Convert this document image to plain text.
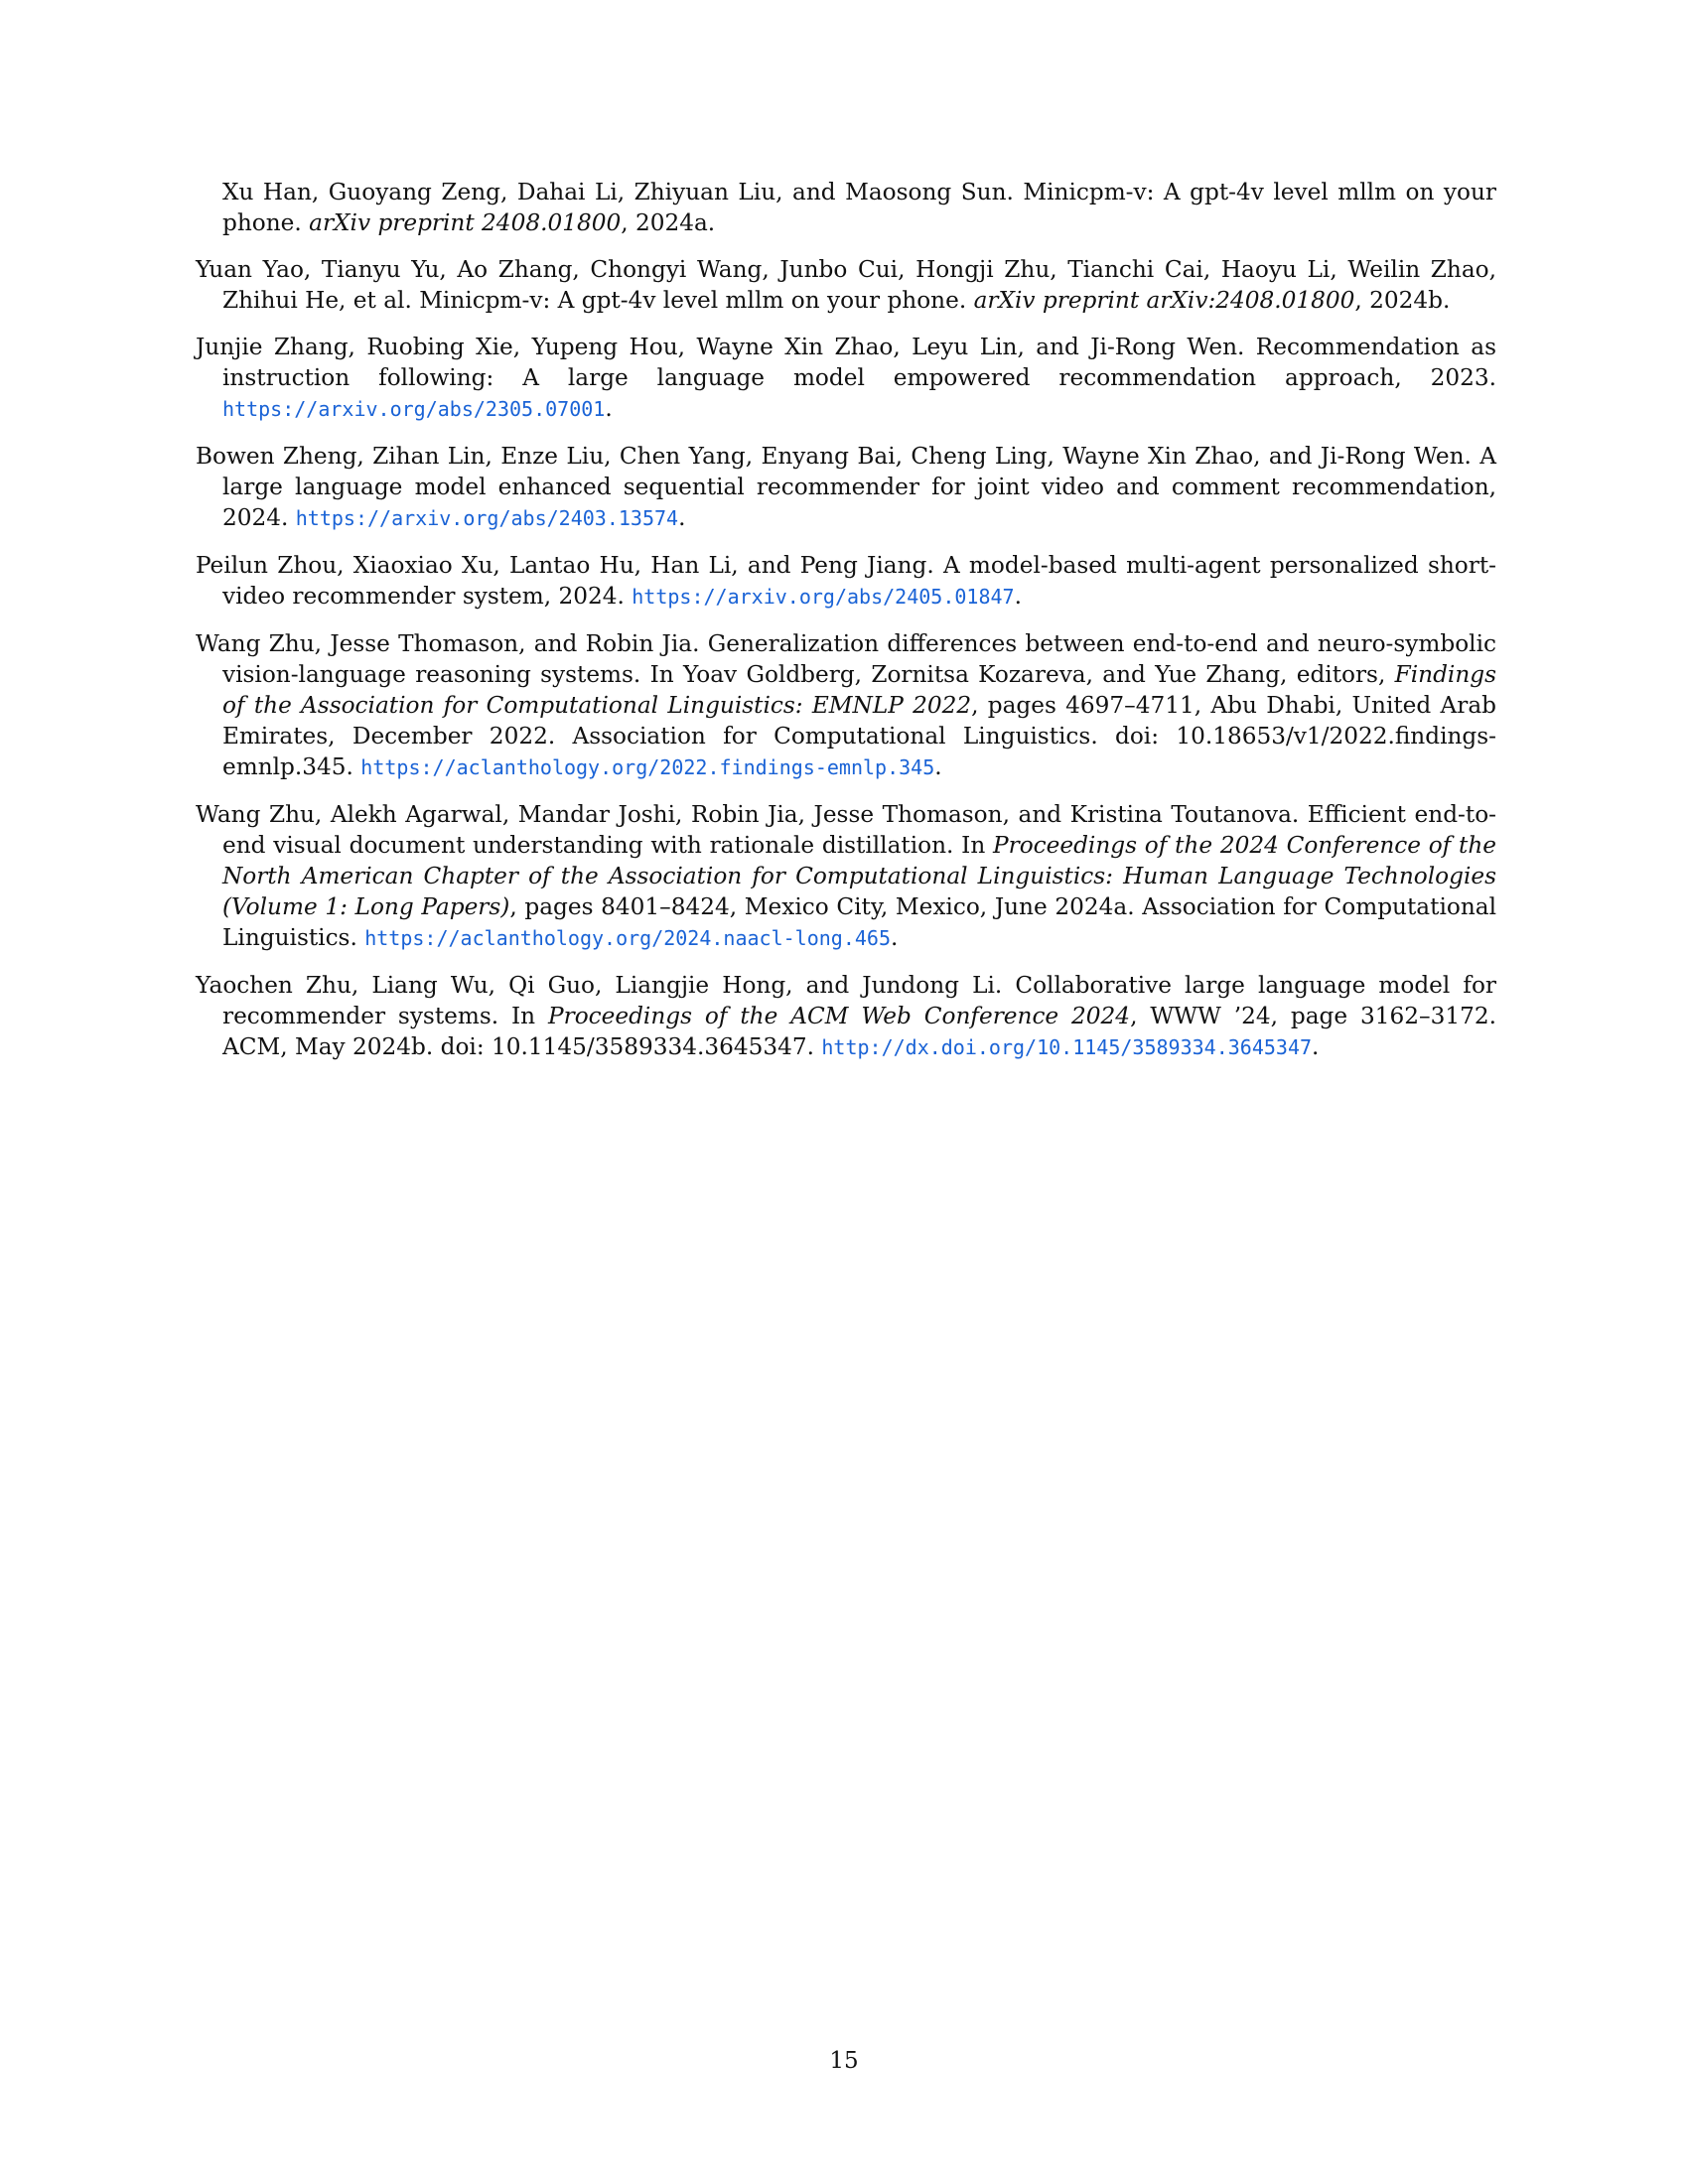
Xu Han, Guoyang Zeng, Dahai Li, Zhiyuan Liu, and Maosong Sun. Minicpm-v: A gpt-4v level mllm on your phone. arXiv preprint 2408.01800, 2024a.

Yuan Yao, Tianyu Yu, Ao Zhang, Chongyi Wang, Junbo Cui, Hongji Zhu, Tianchi Cai, Haoyu Li, Weilin Zhao, Zhihui He, et al. Minicpm-v: A gpt-4v level mllm on your phone. arXiv preprint arXiv:2408.01800, 2024b.

Junjie Zhang, Ruobing Xie, Yupeng Hou, Wayne Xin Zhao, Leyu Lin, and Ji-Rong Wen. Recommendation as instruction following: A large language model empowered recommendation approach, 2023. https://arxiv.org/abs/2305.07001.

Bowen Zheng, Zihan Lin, Enze Liu, Chen Yang, Enyang Bai, Cheng Ling, Wayne Xin Zhao, and Ji-Rong Wen. A large language model enhanced sequential recommender for joint video and comment recommendation, 2024. https://arxiv.org/abs/2403.13574.

Peilun Zhou, Xiaoxiao Xu, Lantao Hu, Han Li, and Peng Jiang. A model-based multi-agent personalized short-video recommender system, 2024. https://arxiv.org/abs/2405.01847.

Wang Zhu, Jesse Thomason, and Robin Jia. Generalization differences between end-to-end and neuro-symbolic vision-language reasoning systems. In Yoav Goldberg, Zornitsa Kozareva, and Yue Zhang, editors, Findings of the Association for Computational Linguistics: EMNLP 2022, pages 4697–4711, Abu Dhabi, United Arab Emirates, December 2022. Association for Computational Linguistics. doi: 10.18653/v1/2022.findings-emnlp.345. https://aclanthology.org/2022.findings-emnlp.345.

Wang Zhu, Alekh Agarwal, Mandar Joshi, Robin Jia, Jesse Thomason, and Kristina Toutanova. Efficient end-to-end visual document understanding with rationale distillation. In Proceedings of the 2024 Conference of the North American Chapter of the Association for Computational Linguistics: Human Language Technologies (Volume 1: Long Papers), pages 8401–8424, Mexico City, Mexico, June 2024a. Association for Computational Linguistics. https://aclanthology.org/2024.naacl-long.465.

Yaochen Zhu, Liang Wu, Qi Guo, Liangjie Hong, and Jundong Li. Collaborative large language model for recommender systems. In Proceedings of the ACM Web Conference 2024, WWW ’24, page 3162–3172. ACM, May 2024b. doi: 10.1145/3589334.3645347. http://dx.doi.org/10.1145/3589334.3645347.

15
